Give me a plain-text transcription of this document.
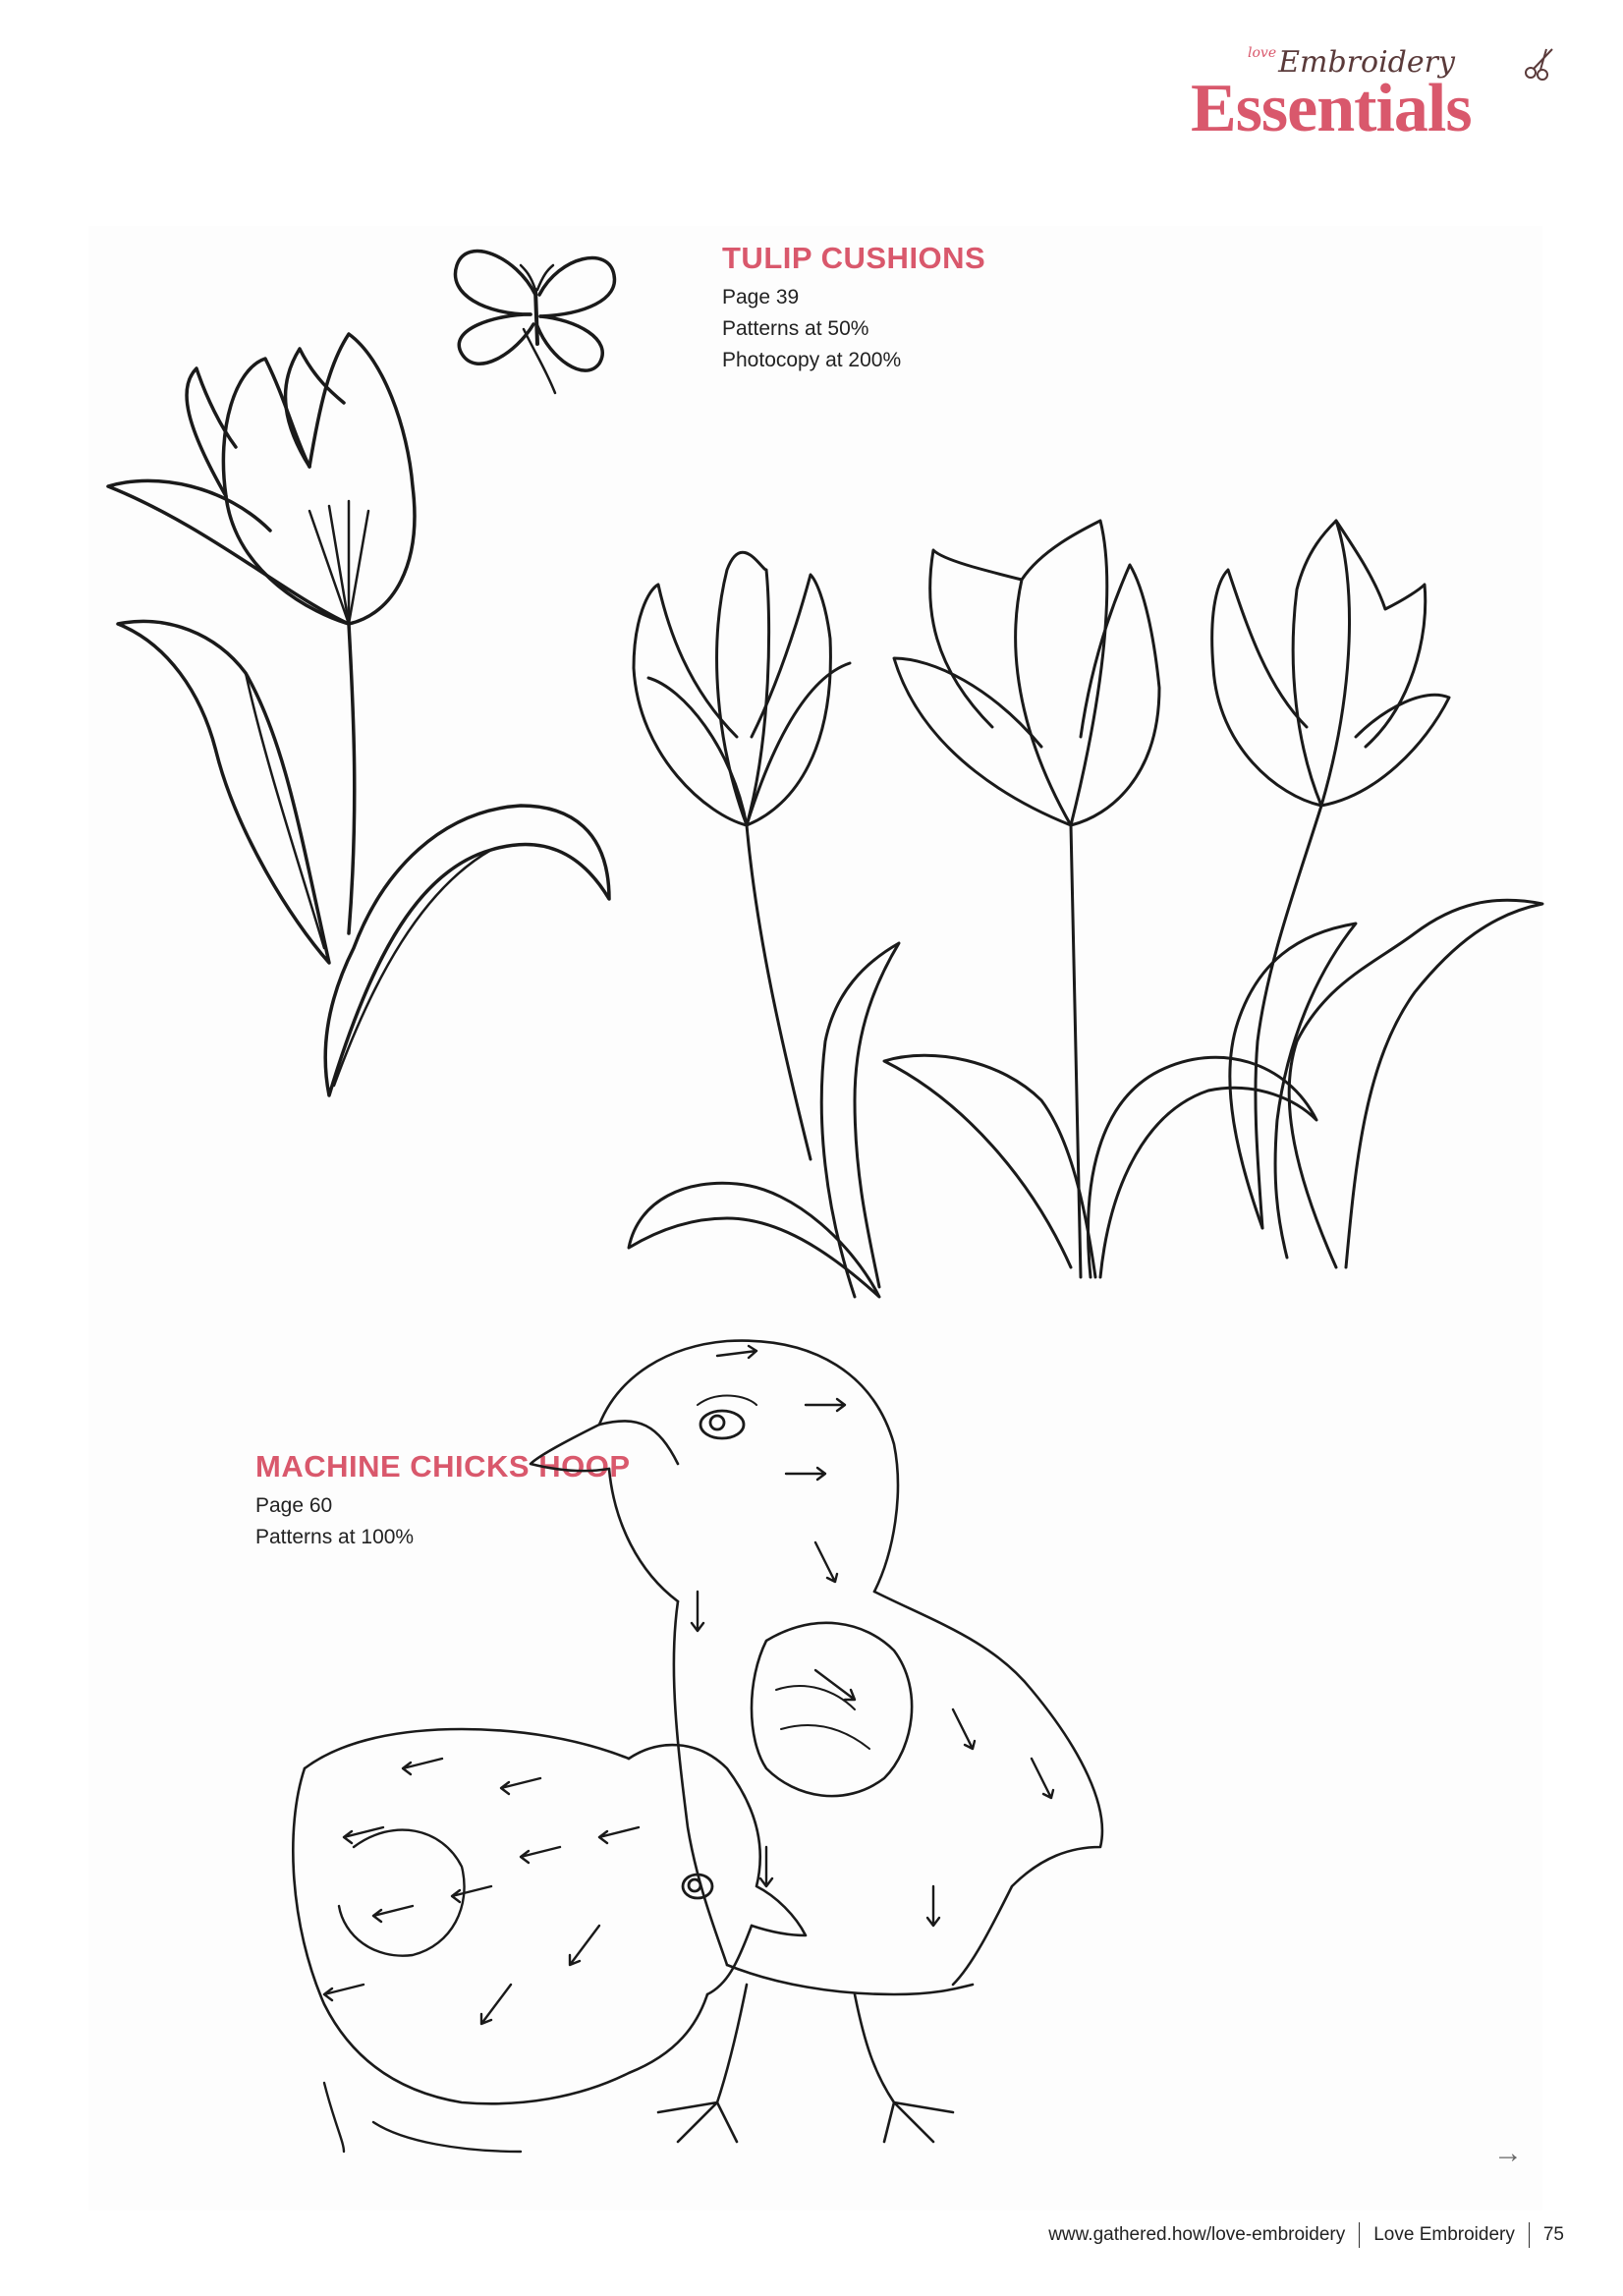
$^{love}$Embroidery
Essentials
TULIP CUSHIONS

Page 39

Patterns at 50%

Photocopy at 200%

MACHINE CHICKS HOOP

Page 60

Patterns at 100%

→
www.gathered.how/love-embroidery Love Embroidery 75
